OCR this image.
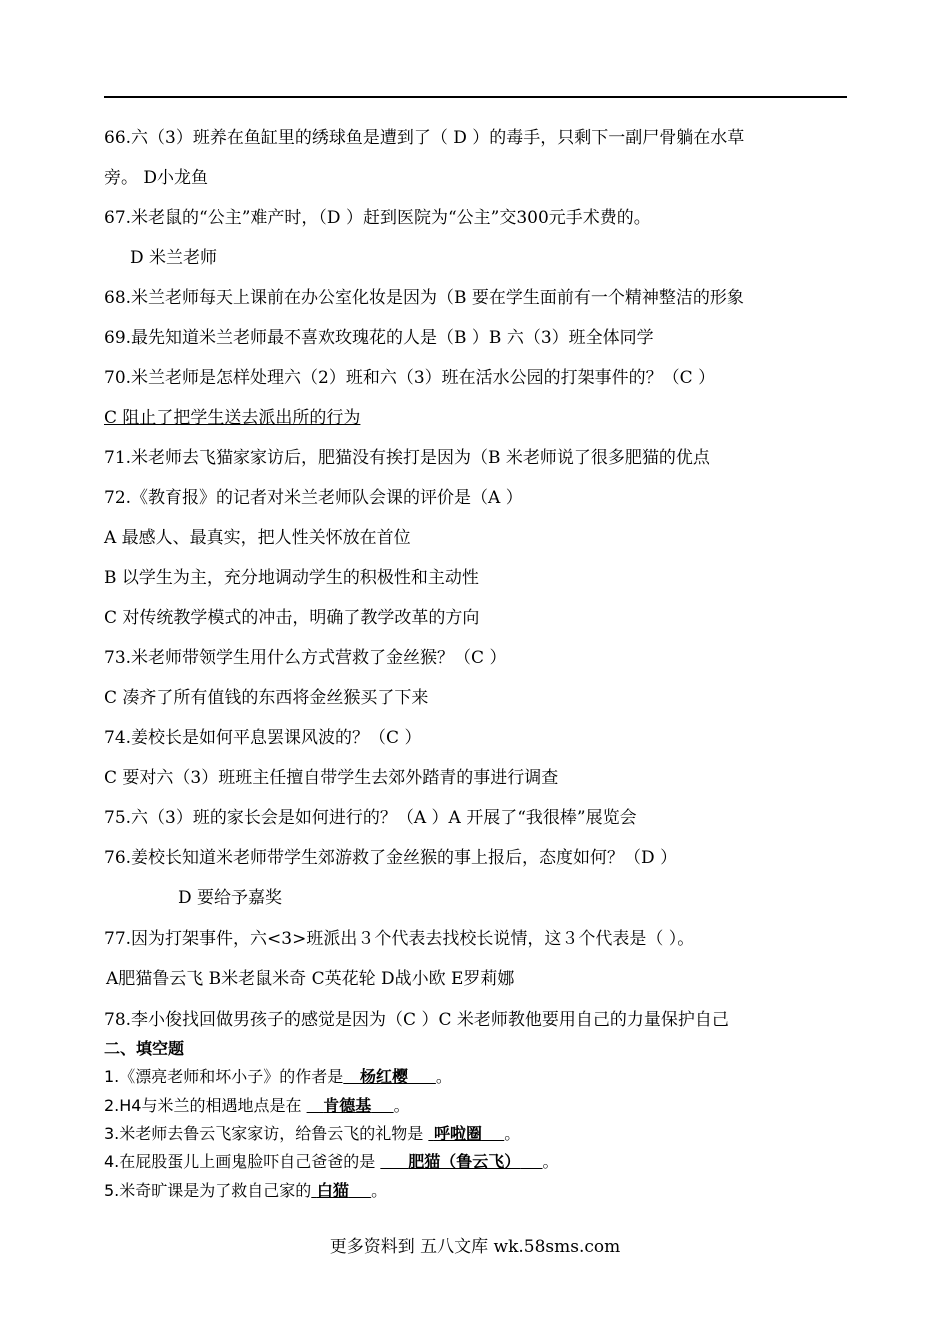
66.六（3）班养在鱼缸里的绣球鱼是遭到了（ D ）的毒手，只剩下一副尸骨躺在水草
旁。 D小龙鱼
67.米老鼠的“公主”难产时，（D ）赶到医院为“公主”交300元手术费的。
D 米兰老师
68.米兰老师每天上课前在办公室化妆是因为（B 要在学生面前有一个精神整洁的形象
69.最先知道米兰老师最不喜欢玫瑰花的人是（B ）B 六（3）班全体同学
70.米兰老师是怎样处理六（2）班和六（3）班在活水公园的打架事件的？（C ）
C 阻止了把学生送去派出所的行为
71.米老师去飞猫家家访后，肥猫没有挨打是因为（B 米老师说了很多肥猫的优点
72.《教育报》的记者对米兰老师队会课的评价是（A ）
A 最感人、最真实，把人性关怀放在首位
B 以学生为主，充分地调动学生的积极性和主动性
C 对传统教学模式的冲击，明确了教学改革的方向
73.米老师带领学生用什么方式营救了金丝猴？（C ）
C 凑齐了所有值钱的东西将金丝猴买了下来
74.姜校长是如何平息罢课风波的？（C ）
C 要对六（3）班班主任擅自带学生去郊外踏青的事进行调查
75.六（3）班的家长会是如何进行的？（A ）A 开展了“我很棒”展览会
76.姜校长知道米老师带学生郊游救了金丝猴的事上报后，态度如何？（D ）
D 要给予嘉奖
77.因为打架事件，六<3>班派出３个代表去找校长说情，这３个代表是（ ）。
A肥猫鲁云飞 B米老鼠米奇 C英花轮 D战小欧 E罗莉娜
78.李小俊找回做男孩子的感觉是因为（C ）C 米老师教他要用自己的力量保护自己
二、填空题
1.《漂亮老师和坏小子》的作者是 杨红樱 。
2.H4与米兰的相遇地点是在    肯德基 。
3.米老师去鲁云飞家家访，给鲁云飞的礼物是  呼啦圈 。
4.在屁股蛋儿上画鬼脸吓自己爸爸的是      肥猫（鲁云飞） 。
5.米奇旷课是为了救自己家的 白猫 。
更多资料到 五八文库 wk.58sms.com
